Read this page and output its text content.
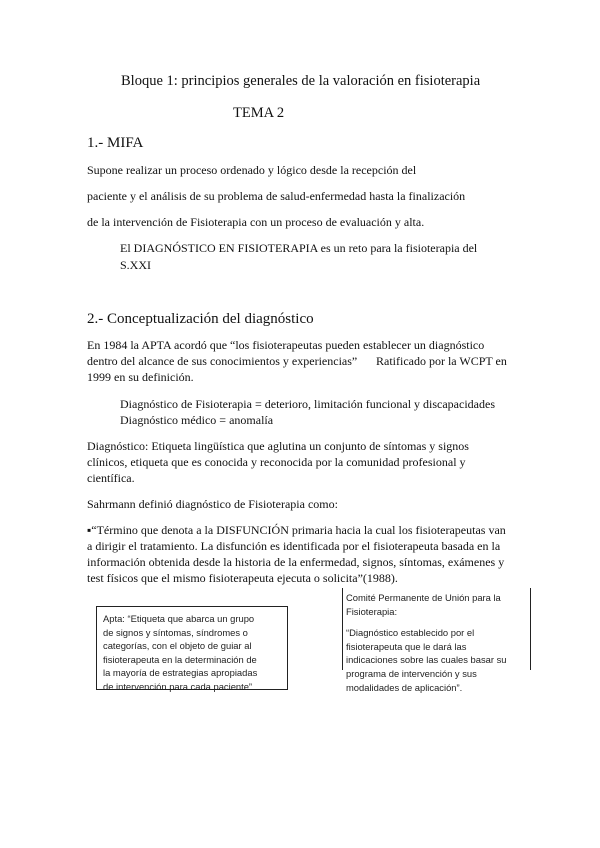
Bloque 1: principios generales de la valoración en fisioterapia
TEMA 2
1.- MIFA
Supone realizar un proceso ordenado y lógico desde la recepción del
paciente y el análisis de su problema de salud-enfermedad hasta la finalización
de la intervención de Fisioterapia con un proceso de evaluación y alta.
El DIAGNÓSTICO EN FISIOTERAPIA es un reto para la fisioterapia del
S.XXI
2.- Conceptualización del diagnóstico
En 1984 la APTA acordó que “los fisioterapeutas pueden establecer un diagnóstico
dentro del alcance de sus conocimientos y experiencias” Ratificado por la WCPT en
1999 en su definición.
Diagnóstico de Fisioterapia = deterioro, limitación funcional y discapacidades
Diagnóstico médico = anomalía
Diagnóstico: Etiqueta lingüística que aglutina un conjunto de síntomas y signos
clínicos, etiqueta que es conocida y reconocida por la comunidad profesional y
científica.
Sahrmann definió diagnóstico de Fisioterapia como:
▪“Término que denota a la DISFUNCIÓN primaria hacia la cual los fisioterapeutas van
a dirigir el tratamiento. La disfunción es identificada por el fisioterapeuta basada en la
información obtenida desde la historia de la enfermedad, signos, síntomas, exámenes y
test físicos que el mismo fisioterapeuta ejecuta o solicita”(1988).

Apta: “Etiqueta que abarca un grupo

de signos y síntomas, síndromes o

categorías, con el objeto de guiar al

fisioterapeuta en la determinación de

la mayoría de estrategias apropiadas

de intervención para cada paciente”.

Comité Permanente de Unión para la

Fisioterapia:

“Diagnóstico establecido por el

fisioterapeuta que le dará las

indicaciones sobre las cuales basar su

programa de intervención y sus

modalidades de aplicación”.
